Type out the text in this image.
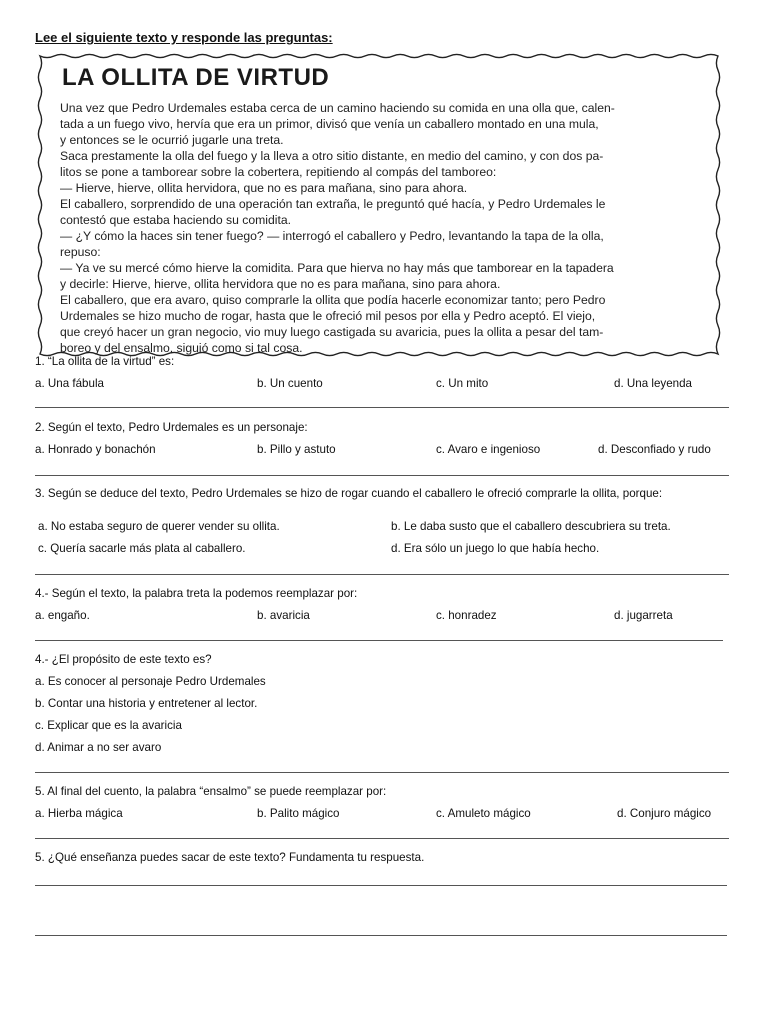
Lee el siguiente texto y responde las preguntas:
LA OLLITA DE VIRTUD
Una vez que Pedro Urdemales estaba cerca de un camino haciendo su comida en una olla que, calen-
tada a un fuego vivo, hervía que era un primor, divisó que venía un caballero montado en una mula,
y entonces se le ocurrió jugarle una treta.
Saca prestamente la olla del fuego y la lleva a otro sitio distante, en medio del camino, y con dos pa-
litos se pone a tamborear sobre la cobertera, repitiendo al compás del tamboreo:
— Hierve, hierve, ollita hervidora, que no es para mañana, sino para ahora.
El caballero, sorprendido de una operación tan extraña, le preguntó qué hacía, y Pedro Urdemales le
contestó que estaba haciendo su comidita.
— ¿Y cómo la haces sin tener fuego? — interrogó el caballero y Pedro, levantando la tapa de la olla,
repuso:
— Ya ve su mercé cómo hierve la comidita. Para que hierva no hay más que tamborear en la tapadera
y decirle: Hierve, hierve, ollita hervidora que no es para mañana, sino para ahora.
El caballero, que era avaro, quiso comprarle la ollita que podía hacerle economizar tanto; pero Pedro
Urdemales se hizo mucho de rogar, hasta que le ofreció mil pesos por ella y Pedro aceptó. El viejo,
que creyó hacer un gran negocio, vio muy luego castigada su avaricia, pues la ollita a pesar del tam-
boreo y del ensalmo, siguió como si tal cosa.
1. “La ollita de la virtud” es:
a. Una fábula	b. Un cuento	c. Un mito	d. Una leyenda
2. Según el texto, Pedro Urdemales es un personaje:
a. Honrado y bonachón	b. Pillo y astuto	c. Avaro e ingenioso	d. Desconfiado y rudo
3. Según se deduce del texto, Pedro Urdemales se hizo de rogar cuando el caballero le ofreció comprarle la ollita, porque:
a. No estaba seguro de querer vender su ollita.	b. Le daba susto que el caballero descubriera su treta.
c. Quería sacarle más plata al caballero.	d. Era sólo un juego lo que había hecho.
4.- Según el texto, la palabra treta la podemos reemplazar por:
a. engaño.	b. avaricia	c. honradez	d. jugarreta
4.- ¿El propósito de este texto es?
a. Es conocer al personaje Pedro Urdemales
b. Contar una historia y entretener al lector.
c. Explicar que es la avaricia
d. Animar a no ser avaro
5. Al final del cuento, la palabra “ensalmo” se puede reemplazar por:
a. Hierba mágica	b. Palito mágico	c. Amuleto mágico	d. Conjuro mágico
5. ¿Qué enseñanza puedes sacar de este texto? Fundamenta tu respuesta.
